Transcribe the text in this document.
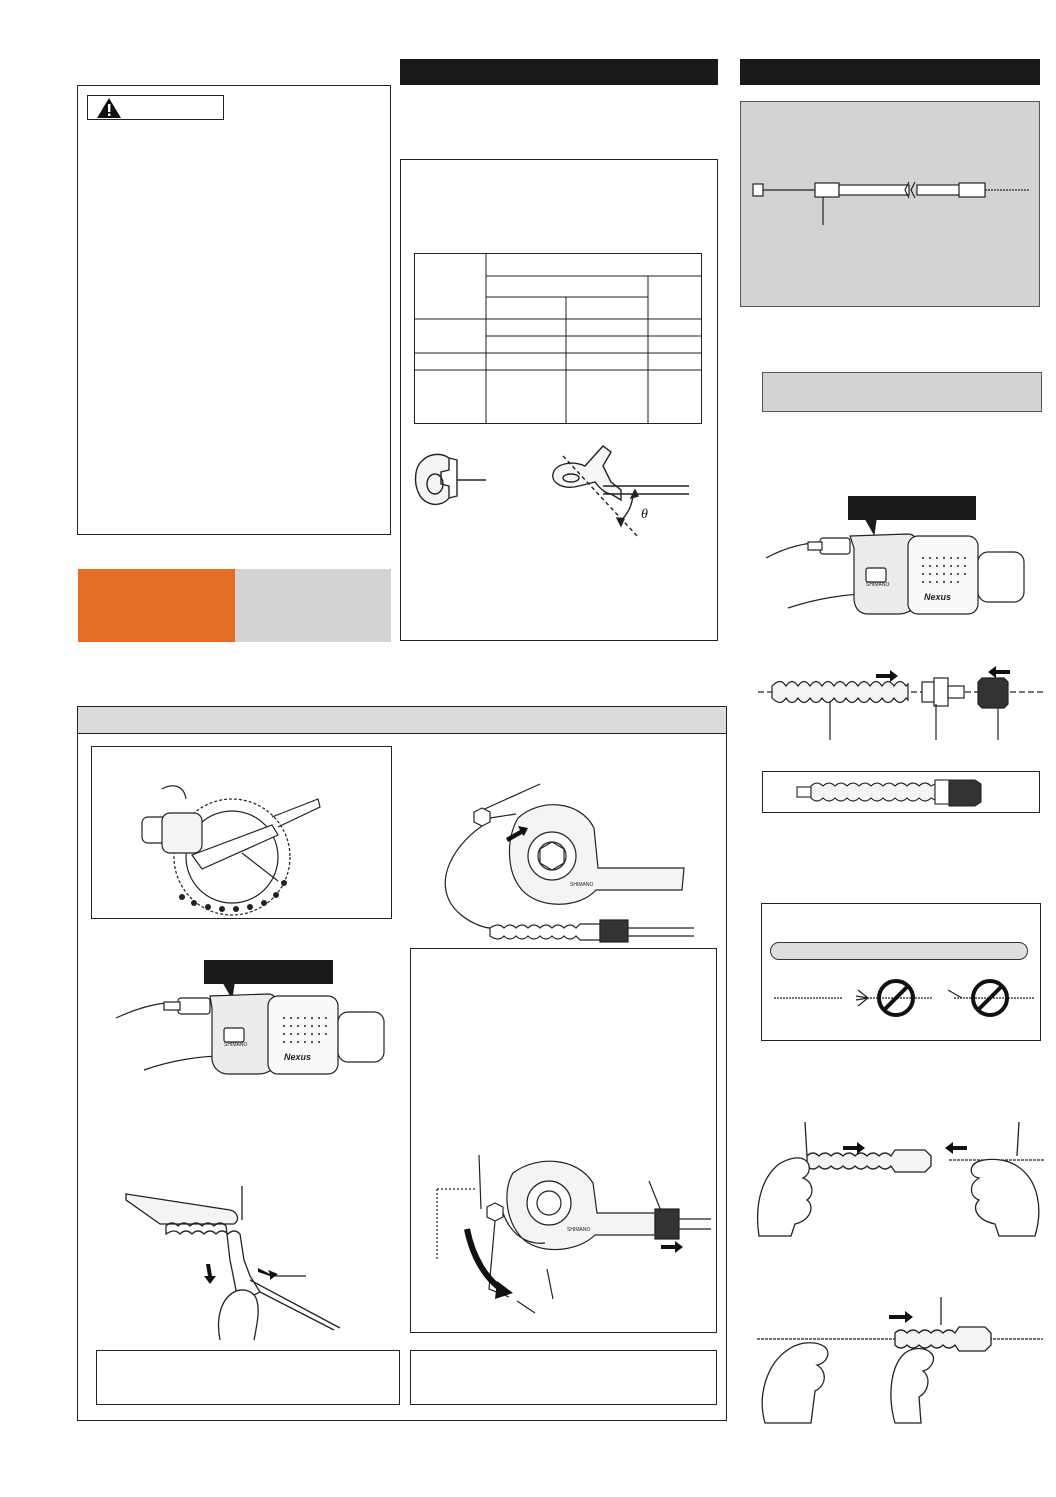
θ
Nexus
SHIMANO
SHIMANO
Nexus
SHIMANO
SHIMANO
